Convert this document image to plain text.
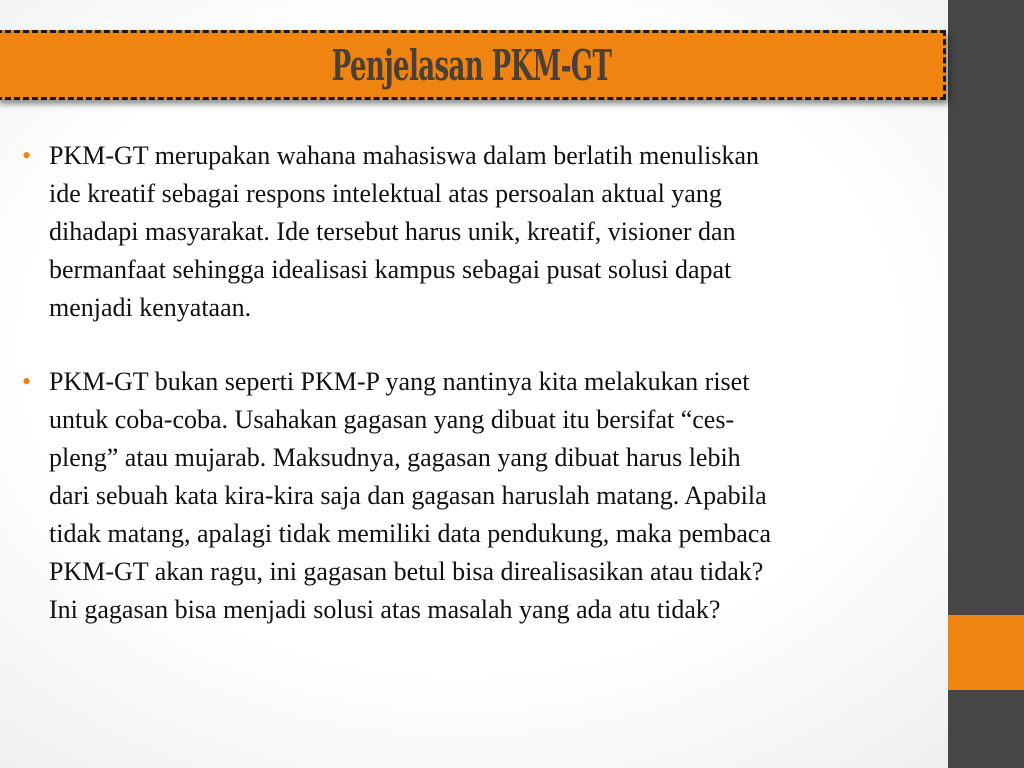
Penjelasan PKM-GT
• PKM-GT merupakan wahana mahasiswa dalam berlatih menuliskan
ide kreatif sebagai respons intelektual atas persoalan aktual yang
dihadapi masyarakat. Ide tersebut harus unik, kreatif, visioner dan
bermanfaat sehingga idealisasi kampus sebagai pusat solusi dapat
menjadi kenyataan.
• PKM-GT bukan seperti PKM-P yang nantinya kita melakukan riset
untuk coba-coba. Usahakan gagasan yang dibuat itu bersifat “ces-
pleng” atau mujarab. Maksudnya, gagasan yang dibuat harus lebih
dari sebuah kata kira-kira saja dan gagasan haruslah matang. Apabila
tidak matang, apalagi tidak memiliki data pendukung, maka pembaca
PKM-GT akan ragu, ini gagasan betul bisa direalisasikan atau tidak?
Ini gagasan bisa menjadi solusi atas masalah yang ada atu tidak?
